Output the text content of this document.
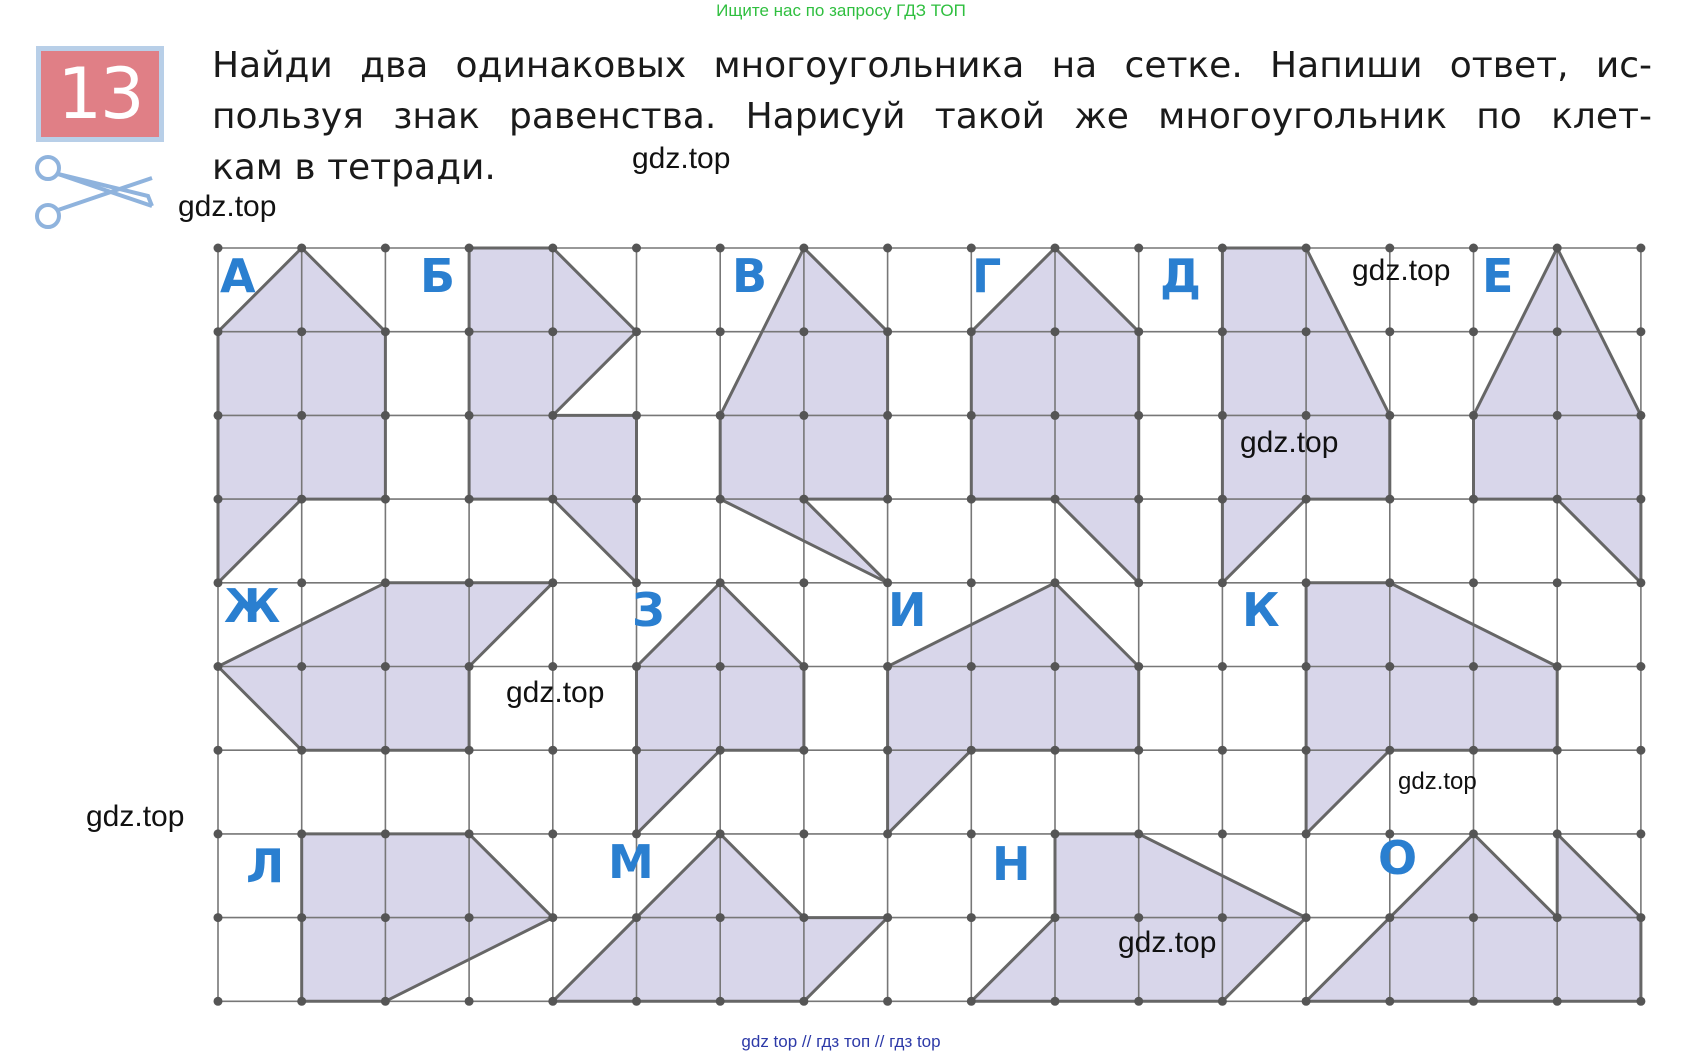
Ищите нас по запросу ГДЗ ТОП
13 Найди два одинаковых многоугольника на сетке. Напиши ответ, ис-
пользуя знак равенства. Нарисуй такой же многоугольник по клет-
кам в тетради.

А	Б	В	Г	Д	Е
Ж	З	И	К
Л	М	Н	О
gdz.top
gdz.top
gdz.top
gdz.top
gdz.top
gdz.top
gdz.top
gdz.top
gdz top // гдз топ // гдз top
